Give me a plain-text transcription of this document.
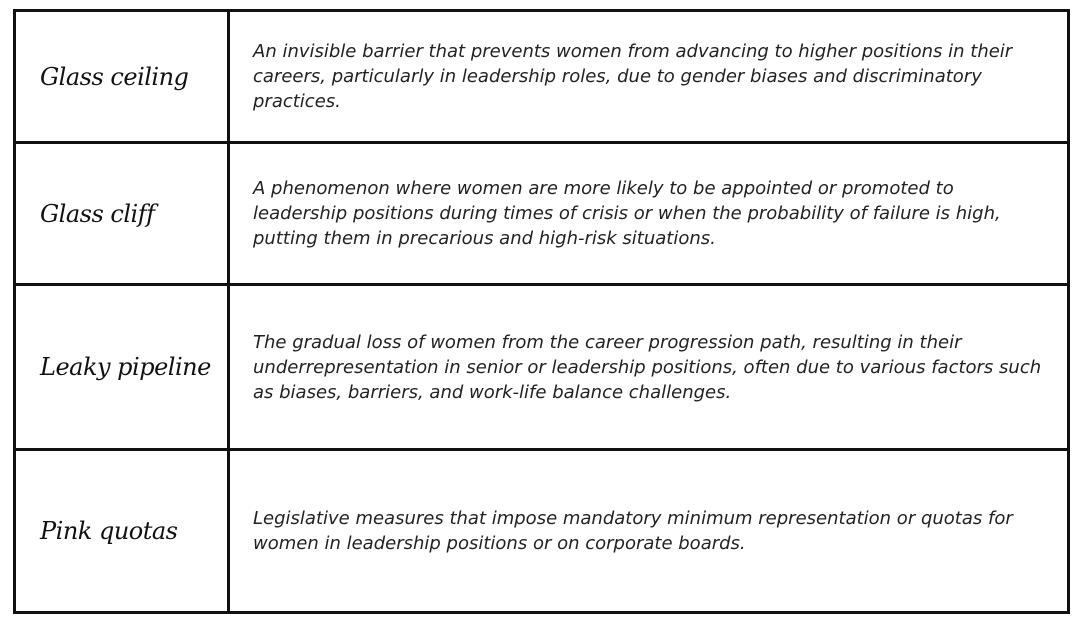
Glass ceiling
An invisible barrier that prevents women from advancing to higher positions in their careers, particularly in leadership roles, due to gender biases and discriminatory practices.
Glass cliff
A phenomenon where women are more likely to be appointed or promoted to leadership positions during times of crisis or when the probability of failure is high, putting them in precarious and high-risk situations.
Leaky pipeline
The gradual loss of women from the career progression path, resulting in their underrepresentation in senior or leadership positions, often due to various factors such as biases, barriers, and work-life balance challenges.
Pink quotas	Legislative measures that impose mandatory minimum representation or quotas for women in leadership positions or on corporate boards.
